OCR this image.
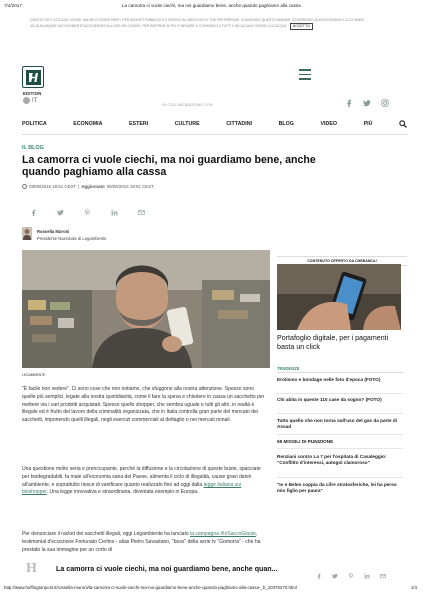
7/4/2017	La camorra ci vuole ciechi, ma noi guardiamo bene, anche quando paghiamo alla cassa
QUESTO SITO UTILIZZA COOKIE, ANCHE DI TERZE PARTI, PER INVIARTI PUBBLICITÀ E SERVIZI IN LINEA CON LE TUE PREFERENZE. CHIUDENDO QUESTO BANNER, SCORRENDO QUESTA PAGINA O CLICCANDO UN QUALUNQUE SUO ELEMENTO ACCONSENTI ALL'USO DEI COOKIE. PER SAPERNE DI PIÙ O NEGARE IL CONSENSO A TUTTI O AD ALCUNI COOKIE CLICCA QUI. ACCETTO
EDITION
IT
IN COLLABORAZIONE CON
POLITICA	ECONOMIA	ESTERI	CULTURE	CITTADINI	BLOG	VIDEO	PIÙ
IL BLOG
La camorra ci vuole ciechi, ma noi guardiamo bene, anche quando paghiamo alla cassa
09/06/2016 18:51 CEST | Aggiornato 09/06/2016 18:51 CEST
Rossella Muroni
Presidente Nazionale di Legambiente
LEGAMBIENTE

"È facile non vedere". Ci sono cose che non notiamo, che sfuggono alla nostra attenzione. Spesso sono quelle più semplici, legate alla nostra quotidianità, come il fare la spesa e chiedere in cassa un sacchetto per mettere via i vari prodotti acquistati. Spesso quello shopper, che sembra uguale e tutti gli altri, in realtà è illegale ed è frutto del lavoro della criminalità organizzata, che in Italia controlla gran parte del mercato dei sacchetti, imponendo quelli illegali, negli esercizi commerciali al dettaglio o nei mercati rionali.

Una questione molto seria e preoccupante, perché la diffusione e la circolazione di queste buste, spacciate per biodegradabili, fa male all'economia sana del Paese, alimenta il ciclo di illegalità, cause gravi danni all'ambiente, e soprattutto riesce di vanificare quanto realizzato fino ad oggi dalla legge italiana sui bioshopper. Una legge innovativa e straordinaria, diventata esempio in Europa.

Per denunciare il racket dei sacchetti illegali, oggi Legambiente ha lanciato la campagna #IoSaccoGiusto, testimonial d'eccezione Fortunato Cerlino - alias Pietro Savastano, "boss" della serie tv "Gomorra" - che ha prestato la sua immagine per un corto di

CONTENUTO OFFERTO DA CHEBANCA!
Portafoglio digitale, per i pagamenti basta un click
TENDENZE
Erotismo e bondage nelle foto d'epoca (FOTO)
Chi abita in queste 110 case da sogno? (FOTO)
Tutto quello che non torna sull'uso del gas da parte di Assad
59 MISSILI DI PUNIZIONE
Renziani contro La 7 per l'ospitata di Casaleggio: "Conflitto d'interessi, autogol clamoroso"
"Io e Belen coppia da cifre stratosferiche, lei ha perso mio figlio per paura"
H	La camorra ci vuole ciechi, ma noi guardiamo bene, anche quan...
http://www.huffingtonpost.it/rossella-muroni/la-camorra-ci-vuole-ciechi-ma-noi-guardiamo-bene-anche-quando-paghiamo-alla-cassa-_b_10376270.html	1/4
